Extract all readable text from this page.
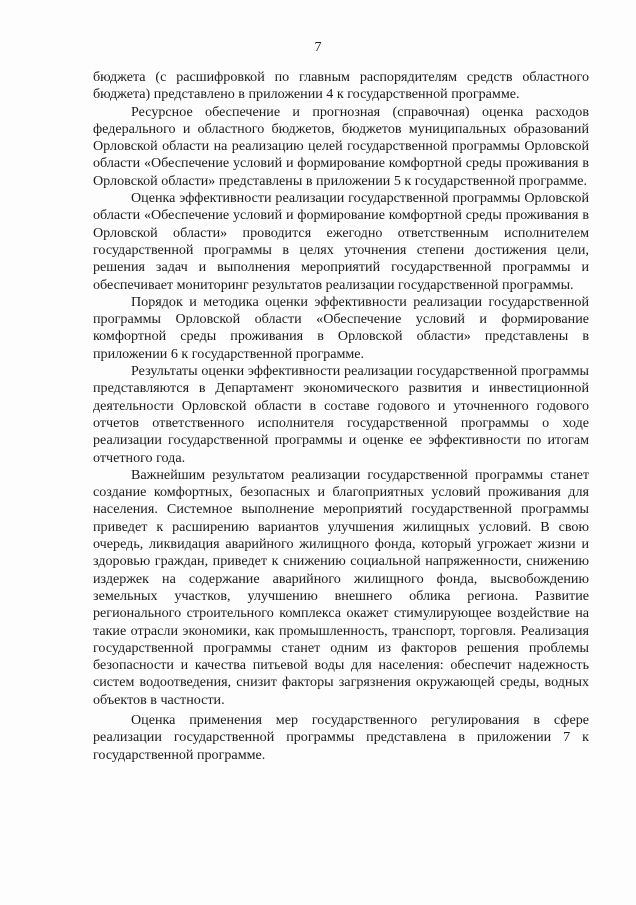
7

бюджета (с расшифровкой по главным распорядителям средств областного бюджета) представлено в приложении 4 к государственной программе.

Ресурсное обеспечение и прогнозная (справочная) оценка расходов федерального и областного бюджетов, бюджетов муниципальных образований Орловской области на реализацию целей государственной программы Орловской области «Обеспечение условий и формирование комфортной среды проживания в Орловской области» представлены в приложении 5 к государственной программе.

Оценка эффективности реализации государственной программы Орловской области «Обеспечение условий и формирование комфортной среды проживания в Орловской области» проводится ежегодно ответственным исполнителем государственной программы в целях уточнения степени достижения цели, решения задач и выполнения мероприятий государственной программы и обеспечивает мониторинг результатов реализации государственной программы.

Порядок и методика оценки эффективности реализации государственной программы Орловской области «Обеспечение условий и формирование комфортной среды проживания в Орловской области» представлены в приложении 6 к государственной программе.

Результаты оценки эффективности реализации государственной программы представляются в Департамент экономического развития и инвестиционной деятельности Орловской области в составе годового и уточненного годового отчетов ответственного исполнителя государственной программы о ходе реализации государственной программы и оценке ее эффективности по итогам отчетного года.

Важнейшим результатом реализации государственной программы станет создание комфортных, безопасных и благоприятных условий проживания для населения. Системное выполнение мероприятий государственной программы приведет к расширению вариантов улучшения жилищных условий. В свою очередь, ликвидация аварийного жилищного фонда, который угрожает жизни и здоровью граждан, приведет к снижению социальной напряженности, снижению издержек на содержание аварийного жилищного фонда, высвобождению земельных участков, улучшению внешнего облика региона. Развитие регионального строительного комплекса окажет стимулирующее воздействие на такие отрасли экономики, как промышленность, транспорт, торговля. Реализация государственной программы станет одним из факторов решения проблемы безопасности и качества питьевой воды для населения: обеспечит надежность систем водоотведения, снизит факторы загрязнения окружающей среды, водных объектов в частности.

Оценка применения мер государственного регулирования в сфере реализации государственной программы представлена в приложении 7 к государственной программе.
